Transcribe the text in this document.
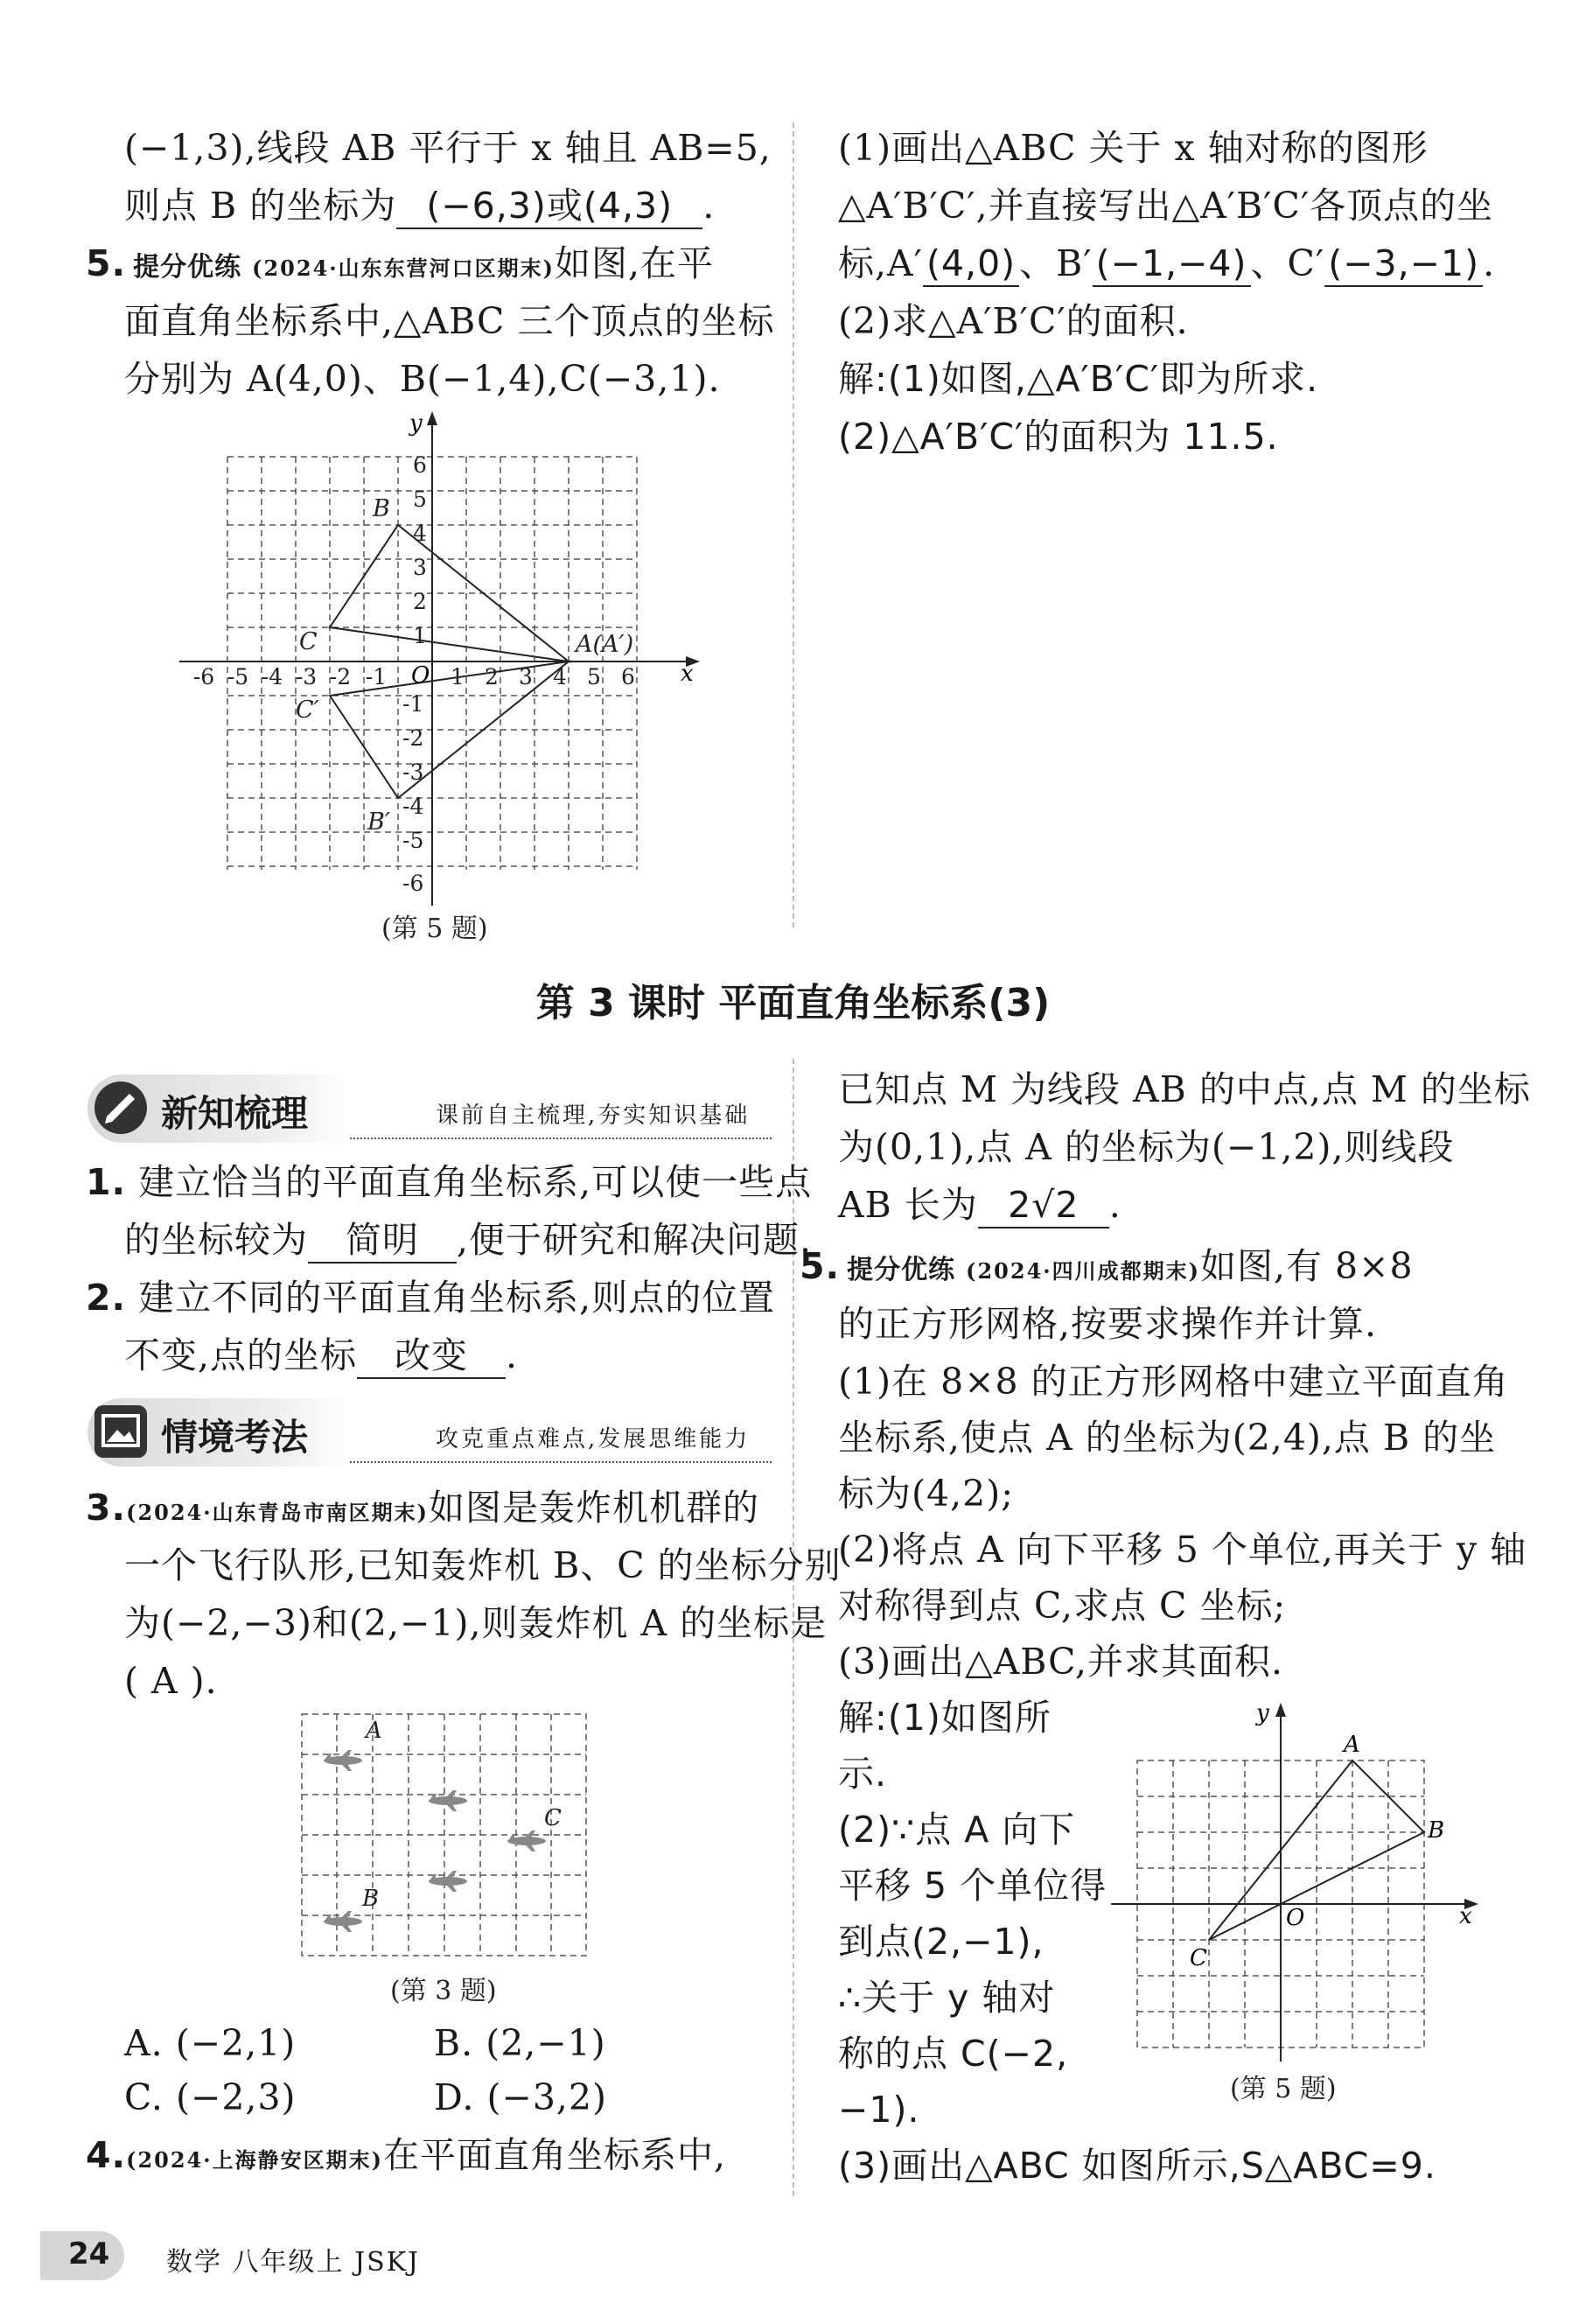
(−1,3),线段 AB 平行于 x 轴且 AB=5,
则点 B 的坐标为 (−6,3)或(4,3) .
5. 提分优练 (2024·山东东营河口区期末)如图,在平
面直角坐标系中,△ABC 三个顶点的坐标
分别为 A(4,0)、B(−1,4),C(−3,1).
x
y
O
-6 -5 -4 -3 -2 -1	1 2 3 4 5 6
6
5
4
3
2
1
-1
-2
-3
-4
-5
-6
A(A′)
B
C
B′
C′
(第 5 题)
(1)画出△ABC 关于 x 轴对称的图形
△A′B′C′,并直接写出△A′B′C′各顶点的坐
标,A′(4,0)、B′(−1,−4)、C′(−3,−1).
(2)求△A′B′C′的面积.
解:(1)如图,△A′B′C′即为所求.
(2)△A′B′C′的面积为 11.5.
第 3 课时 平面直角坐标系(3)
新知梳理	课前自主梳理,夯实知识基础
1. 建立恰当的平面直角坐标系,可以使一些点
的坐标较为 简明 ,便于研究和解决问题.
2. 建立不同的平面直角坐标系,则点的位置
不变,点的坐标 改变 .
情境考法	攻克重点难点,发展思维能力
3.(2024·山东青岛市南区期末)如图是轰炸机机群的
一个飞行队形,已知轰炸机 B、C 的坐标分别
为(−2,−3)和(2,−1),则轰炸机 A 的坐标是
( A ).
A
C
B
(第 3 题)
A. (−2,1)	B. (2,−1)
C. (−2,3)	D. (−3,2)
4.(2024·上海静安区期末)在平面直角坐标系中,
已知点 M 为线段 AB 的中点,点 M 的坐标
为(0,1),点 A 的坐标为(−1,2),则线段
AB 长为 2√2 .
5. 提分优练 (2024·四川成都期末)如图,有 8×8
的正方形网格,按要求操作并计算.
(1)在 8×8 的正方形网格中建立平面直角
坐标系,使点 A 的坐标为(2,4),点 B 的坐
标为(4,2);
(2)将点 A 向下平移 5 个单位,再关于 y 轴
对称得到点 C,求点 C 坐标;
(3)画出△ABC,并求其面积.
解:(1)如图所
示.
(2)∵点 A 向下
平移 5 个单位得
到点(2,−1),
∴关于 y 轴对
称的点 C(−2,
−1).
(3)画出△ABC 如图所示,S△ABC=9.
x
y
O
A
B
C
(第 5 题)
24 数学 八年级上 JSKJ
